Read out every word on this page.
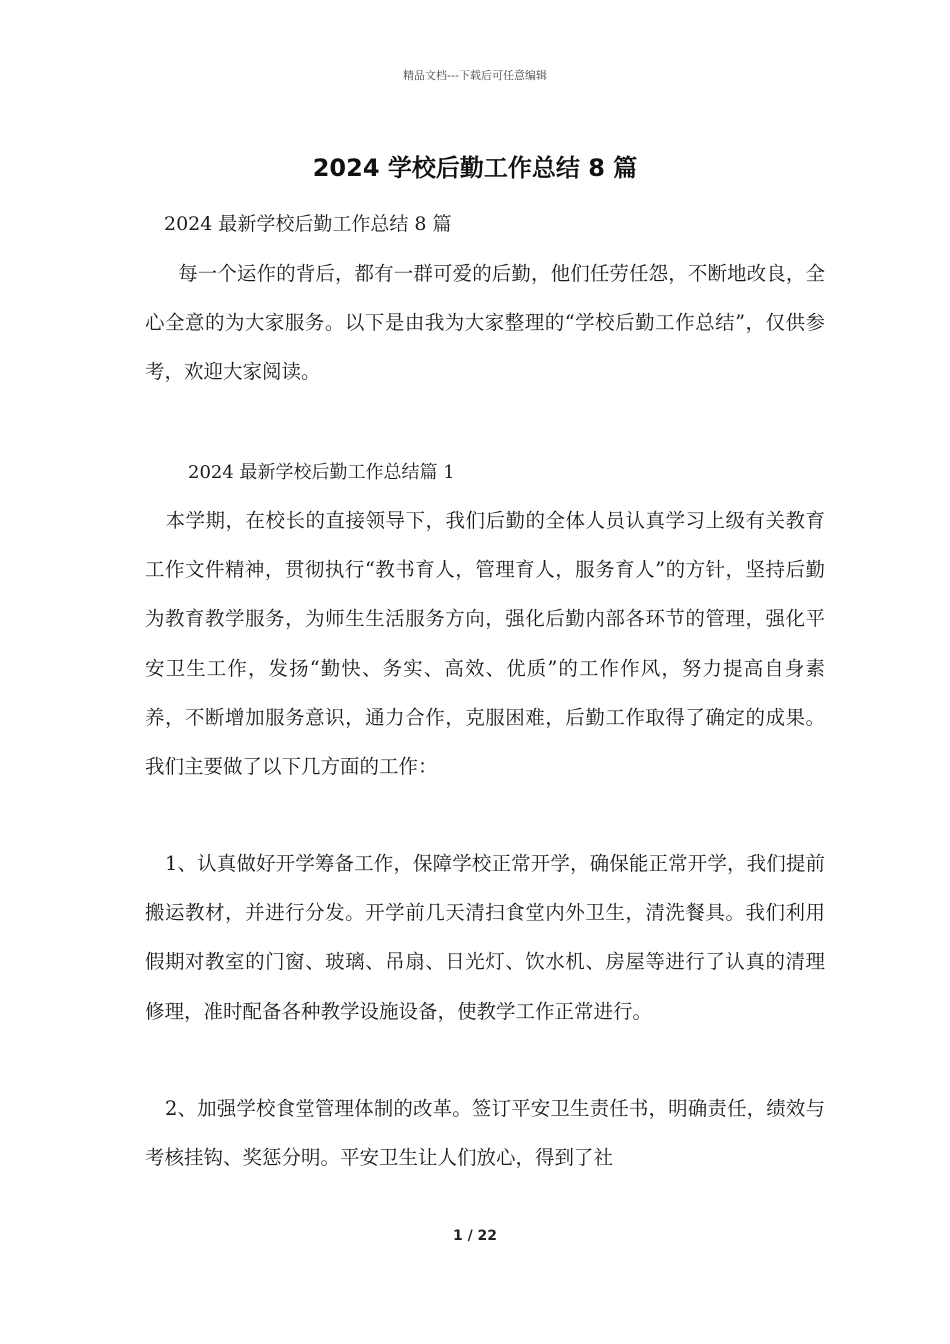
精品文档---下载后可任意编辑
2024 学校后勤工作总结 8 篇

2024 最新学校后勤工作总结 8 篇

每一个运作的背后，都有一群可爱的后勤，他们任劳任怨，不断地改良，全心全意的为大家服务。以下是由我为大家整理的“学校后勤工作总结”，仅供参考，欢迎大家阅读。

2024 最新学校后勤工作总结篇 1

本学期，在校长的直接领导下，我们后勤的全体人员认真学习上级有关教育工作文件精神，贯彻执行“教书育人，管理育人，服务育人”的方针，坚持后勤为教育教学服务，为师生生活服务方向，强化后勤内部各环节的管理，强化平安卫生工作，发扬“勤快、务实、高效、优质”的工作作风，努力提高自身素养，不断增加服务意识，通力合作，克服困难，后勤工作取得了确定的成果。 我们主要做了以下几方面的工作：

1、认真做好开学筹备工作，保障学校正常开学，确保能正常开学，我们提前搬运教材，并进行分发。开学前几天清扫食堂内外卫生，清洗餐具。我们利用假期对教室的门窗、玻璃、吊扇、日光灯、饮水机、房屋等进行了认真的清理修理，准时配备各种教学设施设备，使教学工作正常进行。

2、加强学校食堂管理体制的改革。签订平安卫生责任书，明确责任，绩效与考核挂钩、奖惩分明。平安卫生让人们放心，得到了社

1 / 22
